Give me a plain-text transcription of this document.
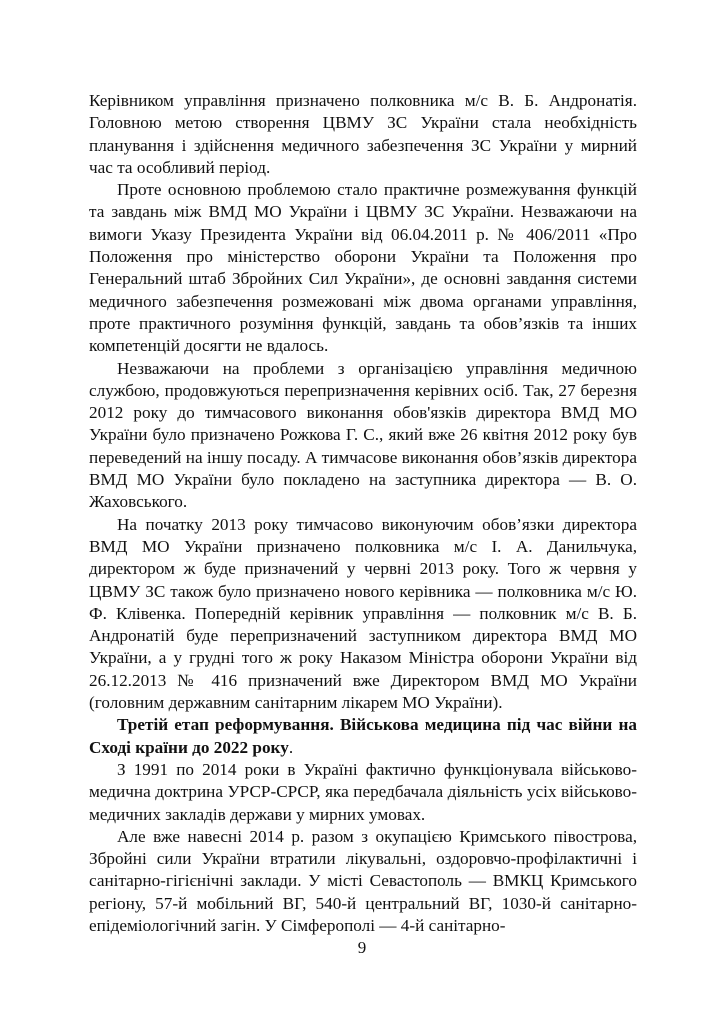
Керівником управління призначено полковника м/с В. Б. Андронатія. Головною метою створення ЦВМУ ЗС України стала необхідність планування і здійснення медичного забезпечення ЗС України у мирний час та особливий період.

Проте основною проблемою стало практичне розмежування функцій та завдань між ВМД МО України і ЦВМУ ЗС України. Незважаючи на вимоги Указу Президента України від 06.04.2011 р. № 406/2011 «Про Положення про міністерство оборони України та Положення про Генеральний штаб Збройних Сил України», де основні завдання системи медичного забезпечення розмежовані між двома органами управління, проте практичного розуміння функцій, завдань та обов’язків та інших компетенцій досягти не вдалось.

Незважаючи на проблеми з організацією управління медичною службою, продовжуються перепризначення керівних осіб. Так, 27 березня 2012 року до тимчасового виконання обов'язків директора ВМД МО України було призначено Рожкова Г. С., який вже 26 квітня 2012 року був переведений на іншу посаду. А тимчасове виконання обов’язків директора ВМД МО України було покладено на заступника директора — В. О. Жаховського.

На початку 2013 року тимчасово виконуючим обов’язки директора ВМД МО України призначено полковника м/с І. А. Данильчука, директором ж буде призначений у червні 2013 року. Того ж червня у ЦВМУ ЗС також було призначено нового керівника — полковника м/с Ю. Ф. Клівенка. Попередній керівник управління — полковник м/с В. Б. Андронатій буде перепризначений заступником директора ВМД МО України, а у грудні того ж року Наказом Міністра оборони України від 26.12.2013 № 416 призначений вже Директором ВМД МО України (головним державним санітарним лікарем МО України).

Третій етап реформування. Військова медицина під час війни на Сході країни до 2022 року.

З 1991 по 2014 роки в Україні фактично функціонувала військово-медична доктрина УРСР-СРСР, яка передбачала діяльність усіх військово-медичних закладів держави у мирних умовах.

Але вже навесні 2014 р. разом з окупацією Кримського півострова, Збройні сили України втратили лікувальні, оздоровчо-профілактичні і санітарно-гігієнічні заклади. У місті Севастополь — ВМКЦ Кримського регіону, 57-й мобільний ВГ, 540-й центральний ВГ, 1030-й санітарно-епідеміологічний загін. У Сімферополі — 4-й санітарно-

9
